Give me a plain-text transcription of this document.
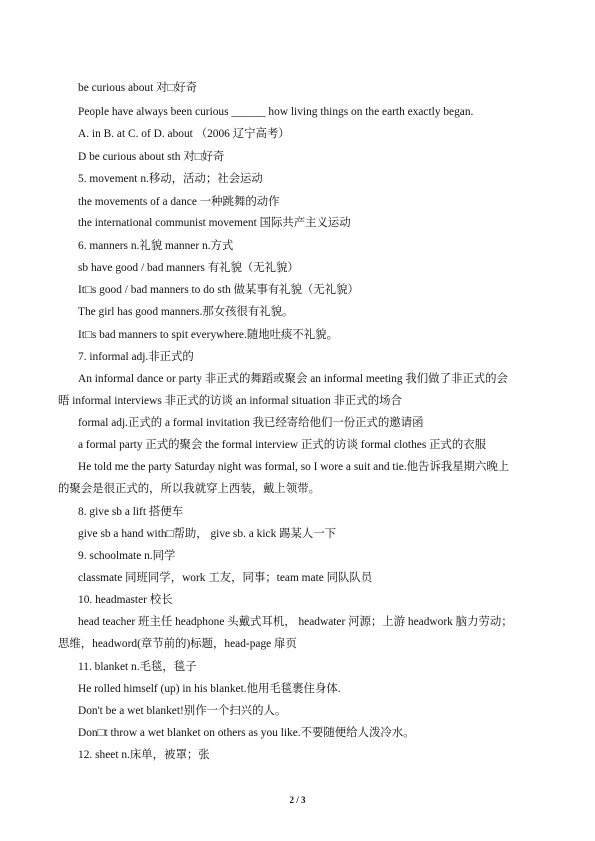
be curious about 对□好奇
People have always been curious ______ how living things on the earth exactly began.
A. in B. at C. of D. about （2006 辽宁高考）
D be curious about sth 对□好奇
5. movement n.移动，活动；社会运动
the movements of a dance 一种跳舞的动作
the international communist movement 国际共产主义运动
6. manners n.礼貌 manner n.方式
sb have good / bad manners 有礼貌（无礼貌）
It□s good / bad manners to do sth 做某事有礼貌（无礼貌）
The girl has good manners.那女孩很有礼貌。
It□s bad manners to spit everywhere.随地吐痰不礼貌。
7. informal adj.非正式的
An informal dance or party 非正式的舞蹈或聚会 an informal meeting 我们做了非正式的会
晤 informal interviews 非正式的访谈 an informal situation 非正式的场合
formal adj.正式的 a formal invitation 我已经寄给他们一份正式的邀请函
a formal party 正式的聚会 the formal interview 正式的访谈 formal clothes 正式的衣服
He told me the party Saturday night was formal, so I wore a suit and tie.他告诉我星期六晚上
的聚会是很正式的，所以我就穿上西装，戴上领带。
8. give sb a lift 搭便车
give sb a hand with□帮助， give sb. a kick 踢某人一下
9. schoolmate n.同学
classmate 同班同学，work 工友，同事；team mate 同队队员
10. headmaster 校长
head teacher 班主任 headphone 头戴式耳机， headwater 河源；上游 headwork 脑力劳动；
思维，headword(章节前的)标题，head-page 扉页
11. blanket n.毛毯，毯子
He rolled himself (up) in his blanket.他用毛毯裹住身体.
Don't be a wet blanket!别作一个扫兴的人。
Don□t throw a wet blanket on others as you like.不要随便给人泼冷水。
12. sheet n.床单，被罩；张
2 / 3
